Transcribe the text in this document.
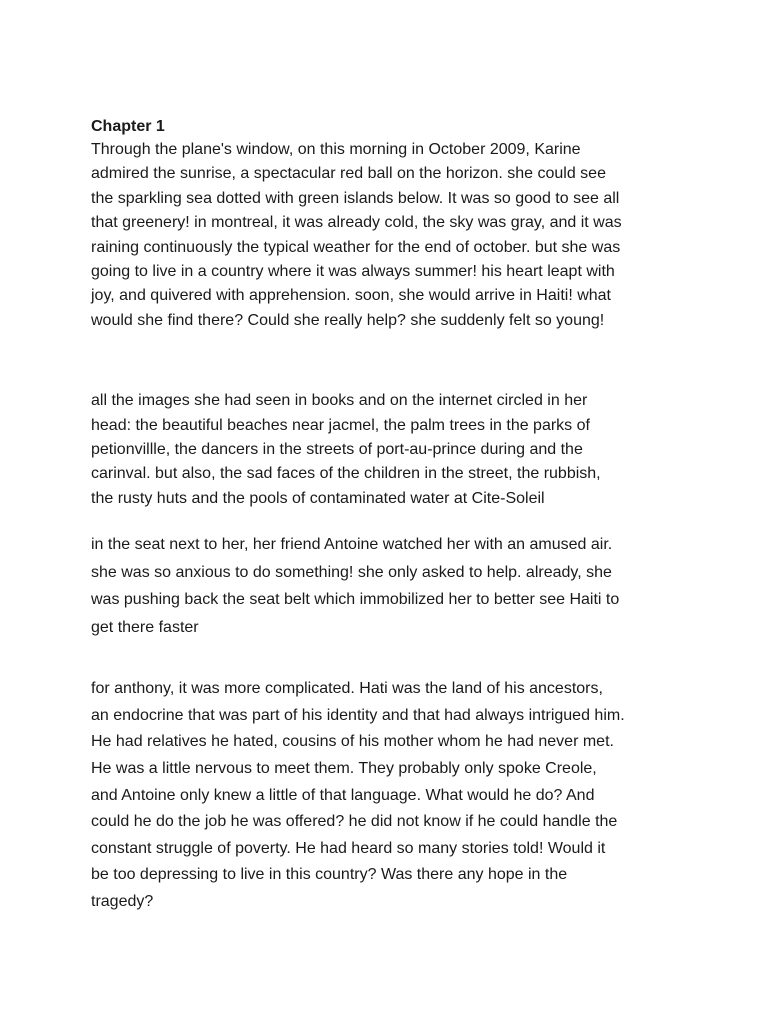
Chapter 1

Through the plane's window, on this morning in October 2009, Karine
admired the sunrise, a spectacular red ball on the horizon. she could see
the sparkling sea dotted with green islands below. It was so good to see all
that greenery! in montreal, it was already cold, the sky was gray, and it was
raining continuously the typical weather for the end of october. but she was
going to live in a country where it was always summer! his heart leapt with
joy, and quivered with apprehension. soon, she would arrive in Haiti! what
would she find there? Could she really help? she suddenly felt so young!

all the images she had seen in books and on the internet circled in her
head: the beautiful beaches near jacmel, the palm trees in the parks of
petionvillle, the dancers in the streets of port-au-prince during and the
carinval. but also, the sad faces of the children in the street, the rubbish,
the rusty huts and the pools of contaminated water at Cite-Soleil

in the seat next to her, her friend Antoine watched her with an amused air.
she was so anxious to do something! she only asked to help. already, she
was pushing back the seat belt which immobilized her to better see Haiti to
get there faster

for anthony, it was more complicated. Hati was the land of his ancestors,
an endocrine that was part of his identity and that had always intrigued him.
He had relatives he hated, cousins of his mother whom he had never met.
He was a little nervous to meet them. They probably only spoke Creole,
and Antoine only knew a little of that language. What would he do? And
could he do the job he was offered? he did not know if he could handle the
constant struggle of poverty. He had heard so many stories told! Would it
be too depressing to live in this country? Was there any hope in the
tragedy?
